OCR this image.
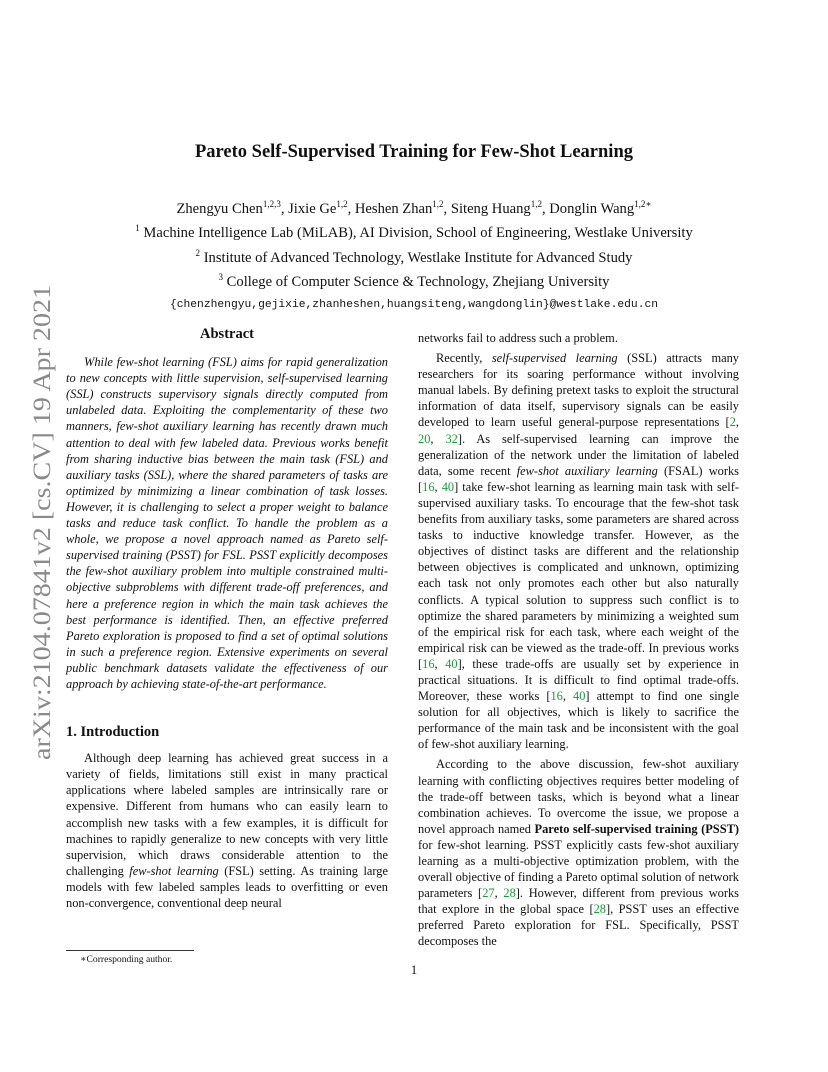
arXiv:2104.07841v2 [cs.CV] 19 Apr 2021
Pareto Self-Supervised Training for Few-Shot Learning
Zhengyu Chen$^{1,2,3}$, Jixie Ge$^{1,2}$, Heshen Zhan$^{1,2}$, Siteng Huang$^{1,2}$, Donglin Wang$^{1,2∗}$
$^1$ Machine Intelligence Lab (MiLAB), AI Division, School of Engineering, Westlake University
$^2$ Institute of Advanced Technology, Westlake Institute for Advanced Study
$^3$ College of Computer Science & Technology, Zhejiang University
{chenzhengyu,gejixie,zhanheshen,huangsiteng,wangdonglin}@westlake.edu.cn
Abstract

While few-shot learning (FSL) aims for rapid generalization to new concepts with little supervision, self-supervised learning (SSL) constructs supervisory signals directly computed from unlabeled data. Exploiting the complementarity of these two manners, few-shot auxiliary learning has recently drawn much attention to deal with few labeled data. Previous works benefit from sharing inductive bias between the main task (FSL) and auxiliary tasks (SSL), where the shared parameters of tasks are optimized by minimizing a linear combination of task losses. However, it is challenging to select a proper weight to balance tasks and reduce task conflict. To handle the problem as a whole, we propose a novel approach named as Pareto self-supervised training (PSST) for FSL. PSST explicitly decomposes the few-shot auxiliary problem into multiple constrained multi-objective subproblems with different trade-off preferences, and here a preference region in which the main task achieves the best performance is identified. Then, an effective preferred Pareto exploration is proposed to find a set of optimal solutions in such a preference region. Extensive experiments on several public benchmark datasets validate the effectiveness of our approach by achieving state-of-the-art performance.

1. Introduction

Although deep learning has achieved great success in a variety of fields, limitations still exist in many practical applications where labeled samples are intrinsically rare or expensive. Different from humans who can easily learn to accomplish new tasks with a few examples, it is difficult for machines to rapidly generalize to new concepts with very little supervision, which draws considerable attention to the challenging few-shot learning (FSL) setting. As training large models with few labeled samples leads to overfitting or even non-convergence, conventional deep neural

networks fail to address such a problem.

Recently, self-supervised learning (SSL) attracts many researchers for its soaring performance without involving manual labels. By defining pretext tasks to exploit the structural information of data itself, supervisory signals can be easily developed to learn useful general-purpose representations [2, 20, 32]. As self-supervised learning can improve the generalization of the network under the limitation of labeled data, some recent few-shot auxiliary learning (FSAL) works [16, 40] take few-shot learning as learning main task with self-supervised auxiliary tasks. To encourage that the few-shot task benefits from auxiliary tasks, some parameters are shared across tasks to inductive knowledge transfer. However, as the objectives of distinct tasks are different and the relationship between objectives is complicated and unknown, optimizing each task not only promotes each other but also naturally conflicts. A typical solution to suppress such conflict is to optimize the shared parameters by minimizing a weighted sum of the empirical risk for each task, where each weight of the empirical risk can be viewed as the trade-off. In previous works [16, 40], these trade-offs are usually set by experience in practical situations. It is difficult to find optimal trade-offs. Moreover, these works [16, 40] attempt to find one single solution for all objectives, which is likely to sacrifice the performance of the main task and be inconsistent with the goal of few-shot auxiliary learning.

According to the above discussion, few-shot auxiliary learning with conflicting objectives requires better modeling of the trade-off between tasks, which is beyond what a linear combination achieves. To overcome the issue, we propose a novel approach named Pareto self-supervised training (PSST) for few-shot learning. PSST explicitly casts few-shot auxiliary learning as a multi-objective optimization problem, with the overall objective of finding a Pareto optimal solution of network parameters [27, 28]. However, different from previous works that explore in the global space [28], PSST uses an effective preferred Pareto exploration for FSL. Specifically, PSST decomposes the

∗Corresponding author.
1
